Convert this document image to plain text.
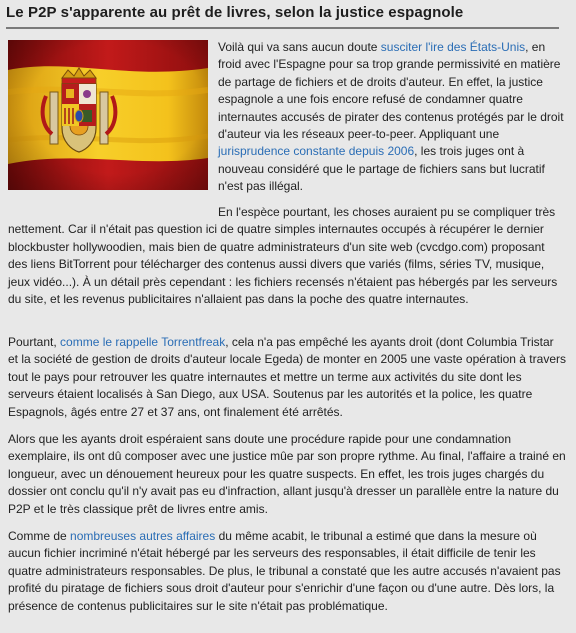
Le P2P s'apparente au prêt de livres, selon la justice espagnole

Voilà qui va sans aucun doute susciter l'ire des États-Unis, en froid avec l'Espagne pour sa trop grande permissivité en matière de partage de fichiers et de droits d'auteur. En effet, la justice espagnole a une fois encore refusé de condamner quatre internautes accusés de pirater des contenus protégés par le droit d'auteur via les réseaux peer-to-peer. Appliquant une jurisprudence constante depuis 2006, les trois juges ont à nouveau considéré que le partage de fichiers sans but lucratif n'est pas illégal.

En l'espèce pourtant, les choses auraient pu se compliquer très nettement. Car il n'était pas question ici de quatre simples internautes occupés à récupérer le dernier blockbuster hollywoodien, mais bien de quatre administrateurs d'un site web (cvcdgo.com) proposant des liens BitTorrent pour télécharger des contenus aussi divers que variés (films, séries TV, musique, jeux vidéo...). À un détail près cependant : les fichiers recensés n'étaient pas hébergés par les serveurs du site, et les revenus publicitaires n'allaient pas dans la poche des quatre internautes.

Pourtant, comme le rappelle Torrentfreak, cela n'a pas empêché les ayants droit (dont Columbia Tristar et la société de gestion de droits d'auteur locale Egeda) de monter en 2005 une vaste opération à travers tout le pays pour retrouver les quatre internautes et mettre un terme aux activités du site dont les serveurs étaient localisés à San Diego, aux USA. Soutenus par les autorités et la police, les quatre Espagnols, âgés entre 27 et 37 ans, ont finalement été arrêtés.

Alors que les ayants droit espéraient sans doute une procédure rapide pour une condamnation exemplaire, ils ont dû composer avec une justice mûe par son propre rythme. Au final, l'affaire a trainé en longueur, avec un dénouement heureux pour les quatre suspects. En effet, les trois juges chargés du dossier ont conclu qu'il n'y avait pas eu d'infraction, allant jusqu'à dresser un parallèle entre la nature du P2P et le très classique prêt de livres entre amis.

Comme de nombreuses autres affaires du même acabit, le tribunal a estimé que dans la mesure où aucun fichier incriminé n'était hébergé par les serveurs des responsables, il était difficile de tenir les quatre administrateurs responsables. De plus, le tribunal a constaté que les autre accusés n'avaient pas profité du piratage de fichiers sous droit d'auteur pour s'enrichir d'une façon ou d'une autre. Dès lors, la présence de contenus publicitaires sur le site n'était pas problématique.
